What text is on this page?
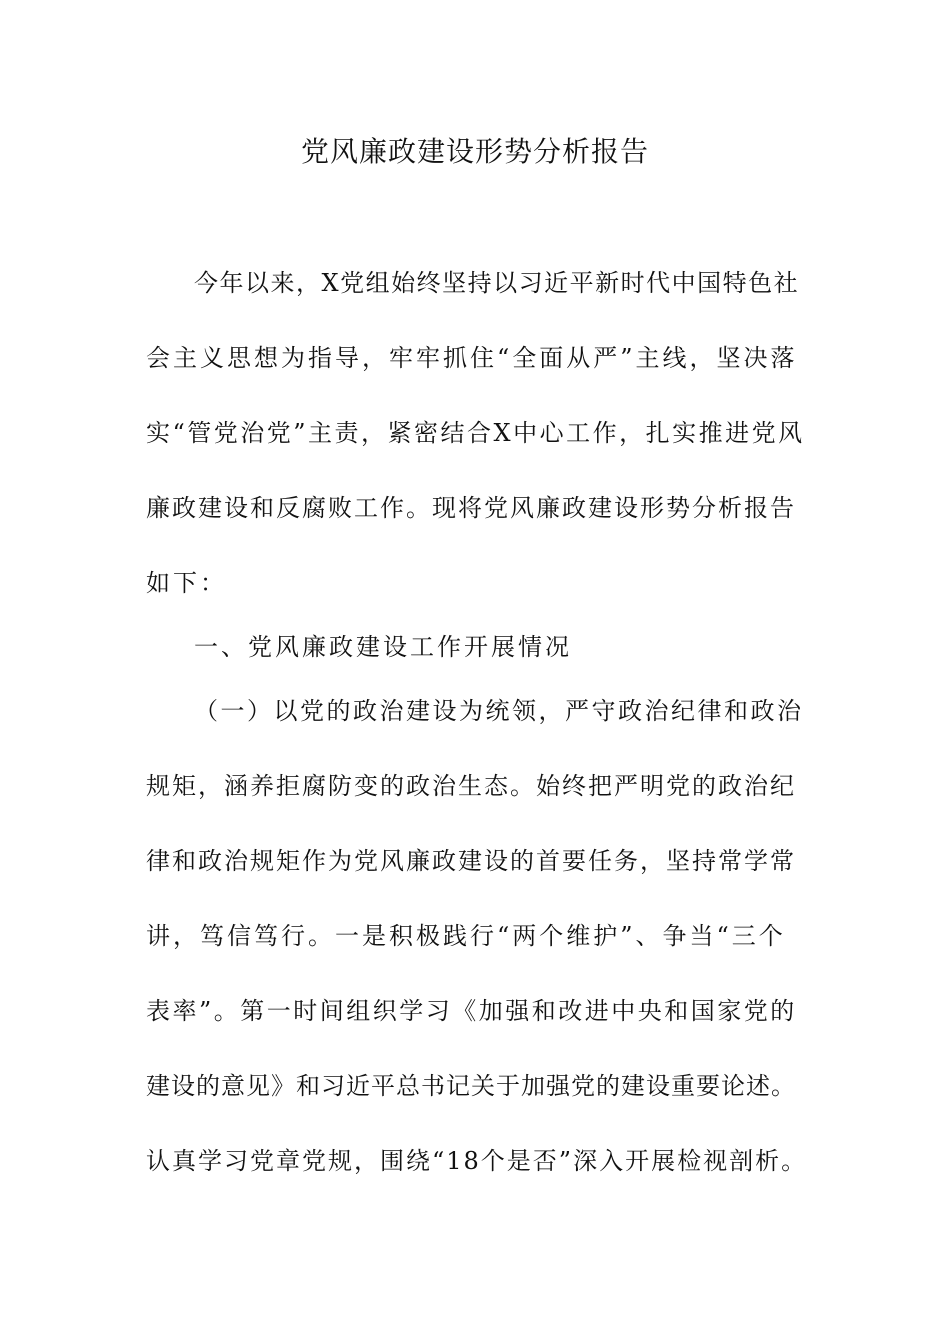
党风廉政建设形势分析报告
今年以来，X党组始终坚持以习近平新时代中国特色社
会主义思想为指导，牢牢抓住“全面从严”主线，坚决落
实“管党治党”主责，紧密结合X中心工作，扎实推进党风
廉政建设和反腐败工作。现将党风廉政建设形势分析报告
如下：
一、党风廉政建设工作开展情况
（一）以党的政治建设为统领，严守政治纪律和政治
规矩，涵养拒腐防变的政治生态。始终把严明党的政治纪
律和政治规矩作为党风廉政建设的首要任务，坚持常学常
讲，笃信笃行。一是积极践行“两个维护”、争当“三个
表率”。第一时间组织学习《加强和改进中央和国家党的
建设的意见》和习近平总书记关于加强党的建设重要论述。
认真学习党章党规，围绕“18个是否”深入开展检视剖析。
